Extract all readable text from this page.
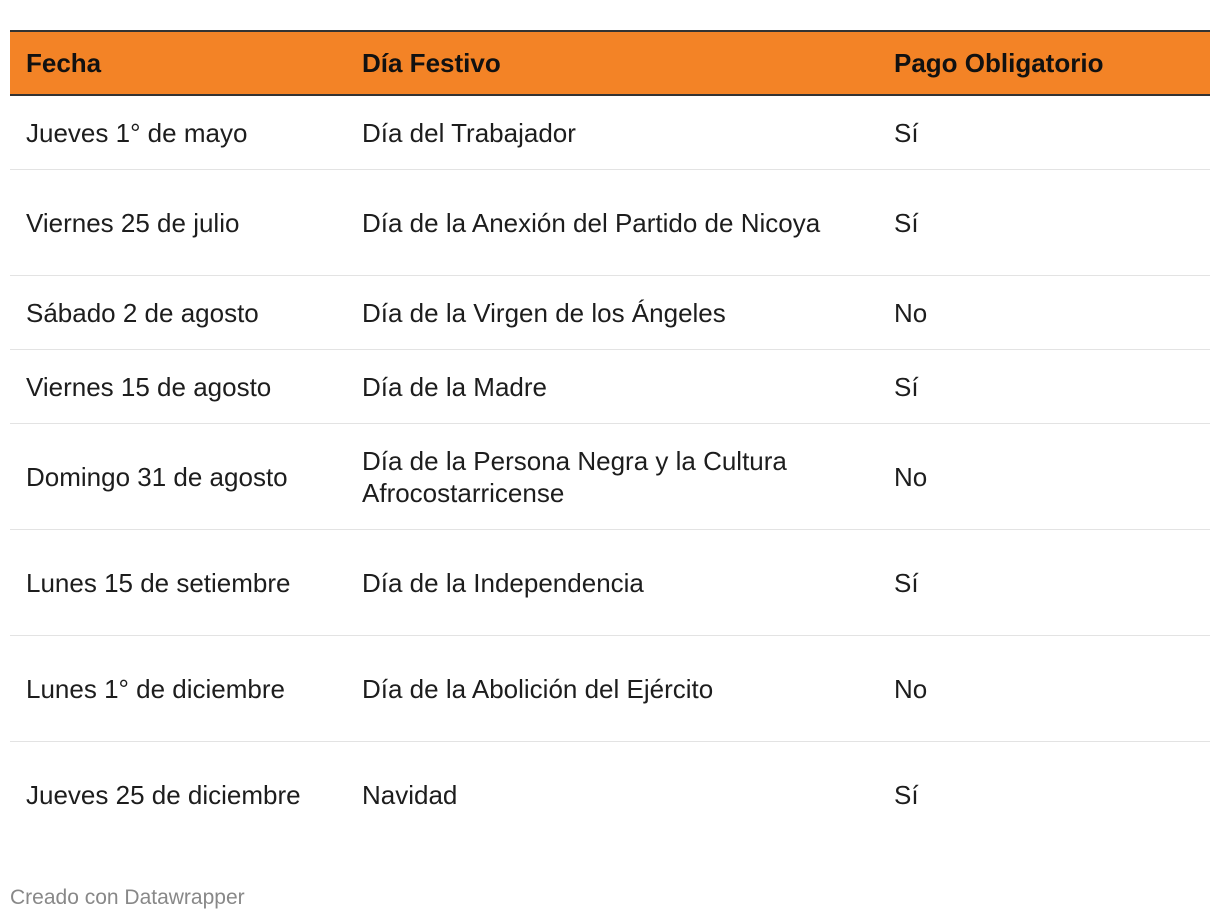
Fecha	Día Festivo	Pago Obligatorio
Jueves 1° de mayo	Día del Trabajador	Sí
Viernes 25 de julio	Día de la Anexión del Partido de Nicoya	Sí
Sábado 2 de agosto	Día de la Virgen de los Ángeles	No
Viernes 15 de agosto	Día de la Madre	Sí
Domingo 31 de agosto	Día de la Persona Negra y la Cultura Afrocostarricense	No
Lunes 15 de setiembre	Día de la Independencia	Sí
Lunes 1° de diciembre	Día de la Abolición del Ejército	No
Jueves 25 de diciembre	Navidad	Sí
Creado con Datawrapper
